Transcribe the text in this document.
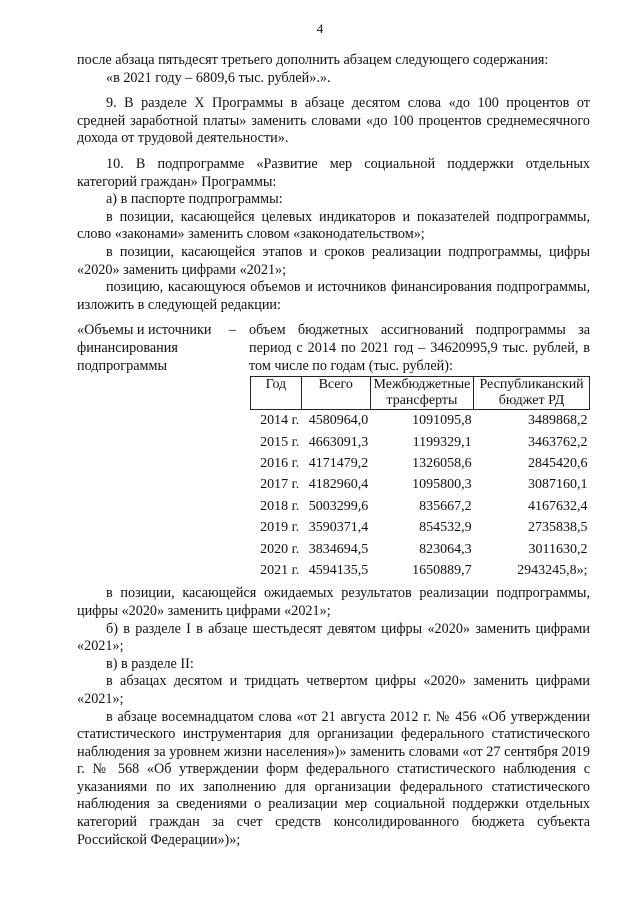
4

после абзаца пятьдесят третьего дополнить абзацем следующего содержания:

«в 2021 году – 6809,6 тыс. рублей».».

9. В разделе X Программы в абзаце десятом слова «до 100 процентов от средней заработной платы» заменить словами «до 100 процентов среднемесячного дохода от трудовой деятельности».

10. В подпрограмме «Развитие мер социальной поддержки отдельных категорий граждан» Программы:

а) в паспорте подпрограммы:

в позиции, касающейся целевых индикаторов и показателей подпрограммы, слово «законами» заменить словом «законодательством»;

в позиции, касающейся этапов и сроков реализации подпрограммы, цифры «2020» заменить цифрами «2021»;

позицию, касающуюся объемов и источников финансирования подпрограммы, изложить в следующей редакции:

«Объемы и источники финансирования подпрограммы
– объем бюджетных ассигнований подпрограммы за период с 2014 по 2021 год – 34620995,9 тыс. рублей, в том числе по годам (тыс. рублей):

Год	Всего	Межбюджетные трансферты	Республиканский бюджет РД
2014 г.	4580964,0	1091095,8	3489868,2
2015 г.	4663091,3	1199329,1	3463762,2
2016 г.	4171479,2	1326058,6	2845420,6
2017 г.	4182960,4	1095800,3	3087160,1
2018 г.	5003299,6	835667,2	4167632,4
2019 г.	3590371,4	854532,9	2735838,5
2020 г.	3834694,5	823064,3	3011630,2
2021 г.	4594135,5	1650889,7	2943245,8»;

в позиции, касающейся ожидаемых результатов реализации подпрограммы, цифры «2020» заменить цифрами «2021»;

б) в разделе I в абзаце шестьдесят девятом цифры «2020» заменить цифрами «2021»;

в) в разделе II:

в абзацах десятом и тридцать четвертом цифры «2020» заменить цифрами «2021»;

в абзаце восемнадцатом слова «от 21 августа 2012 г. № 456 «Об утверждении статистического инструментария для организации федерального статистического наблюдения за уровнем жизни населения»)» заменить словами «от 27 сентября 2019 г. № 568 «Об утверждении форм федерального статистического наблюдения с указаниями по их заполнению для организации федерального статистического наблюдения за сведениями о реализации мер социальной поддержки отдельных категорий граждан за счет средств консолидированного бюджета субъекта Российской Федерации»)»;
